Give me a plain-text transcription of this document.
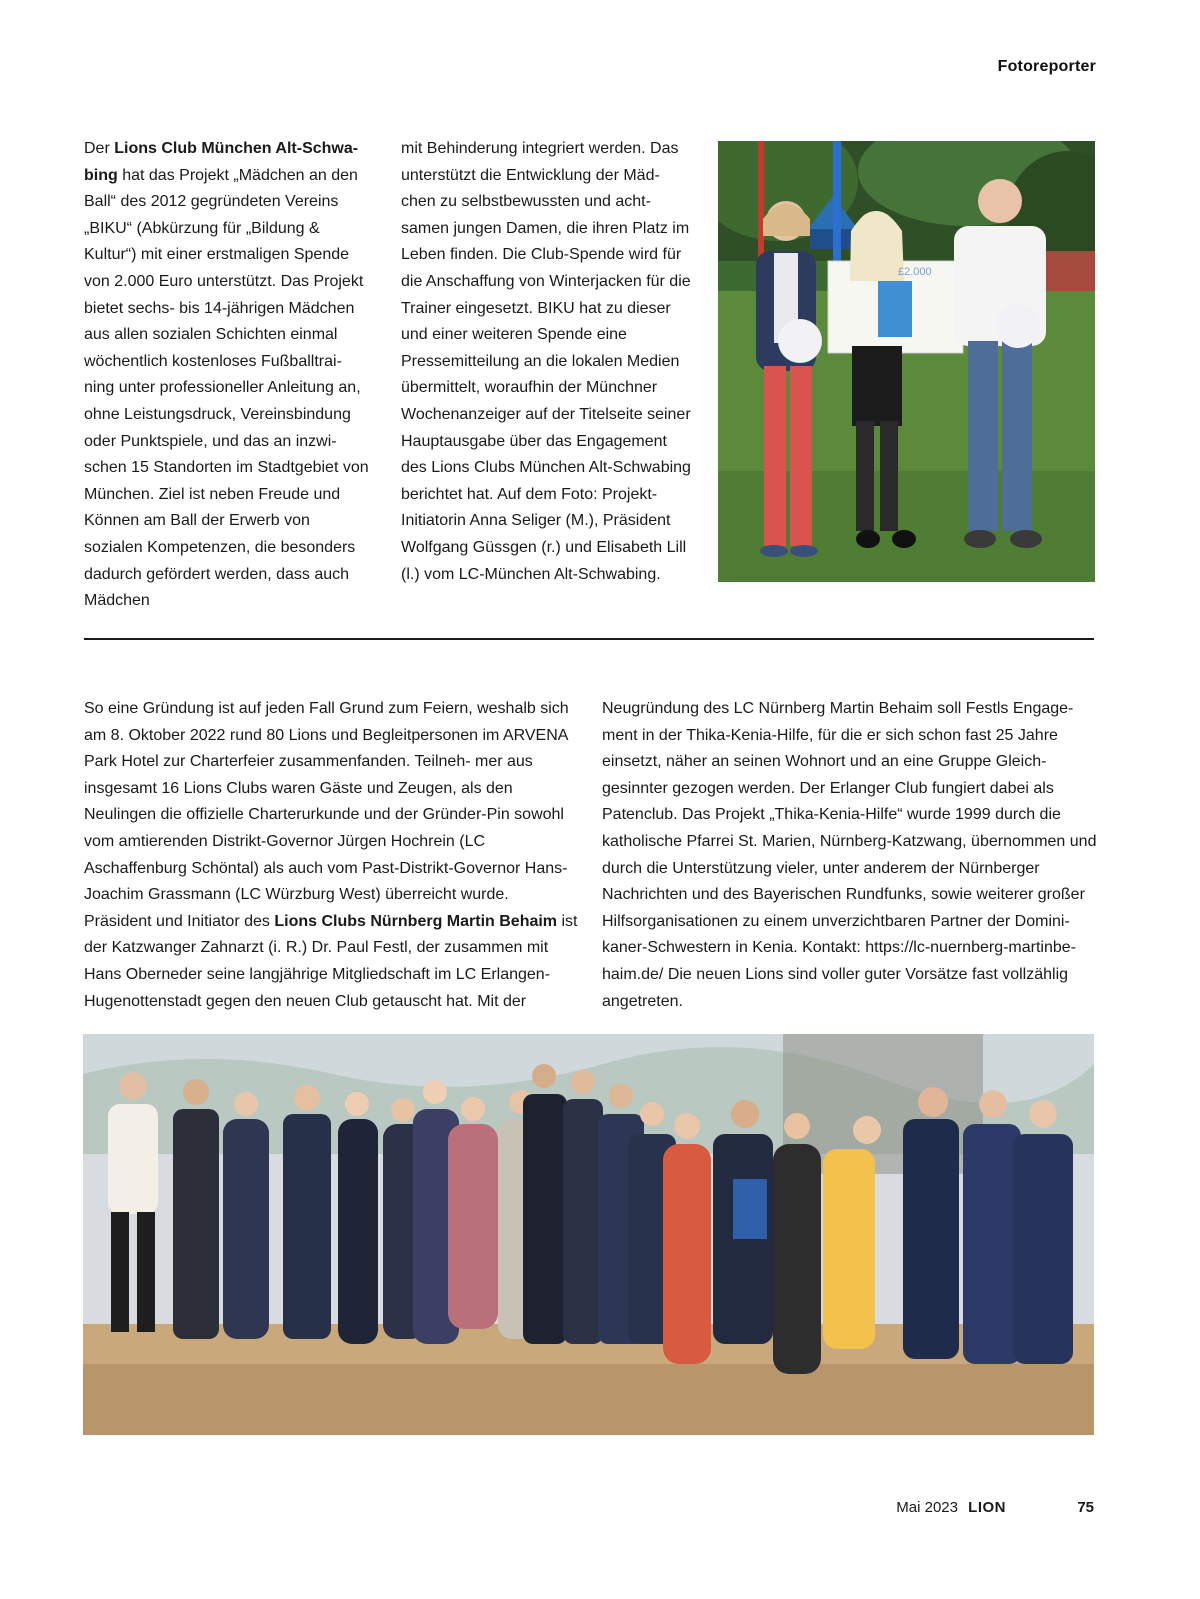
Fotoreporter

Der Lions Club München Alt-Schwa- bing hat das Projekt „Mädchen an den Ball“ des 2012 gegründeten Vereins „BIKU“ (Abkürzung für „Bildung & Kultur“) mit einer erstmaligen Spende von 2.000 Euro unterstützt. Das Projekt bietet sechs- bis 14-jährigen Mädchen aus allen sozialen Schichten einmal wöchentlich kostenloses Fußballtrai- ning unter professioneller Anleitung an, ohne Leistungsdruck, Vereinsbindung oder Punktspiele, und das an inzwi- schen 15 Standorten im Stadtgebiet von München. Ziel ist neben Freude und Können am Ball der Erwerb von sozialen Kompetenzen, die besonders dadurch gefördert werden, dass auch Mädchen

mit Behinderung integriert werden. Das unterstützt die Entwicklung der Mäd- chen zu selbstbewussten und acht- samen jungen Damen, die ihren Platz im Leben finden. Die Club-Spende wird für die Anschaffung von Winterjacken für die Trainer eingesetzt. BIKU hat zu dieser und einer weiteren Spende eine Pressemitteilung an die lokalen Medien übermittelt, woraufhin der Münchner Wochenanzeiger auf der Titelseite seiner Hauptausgabe über das Engagement des Lions Clubs München Alt-Schwabing berichtet hat. Auf dem Foto: Projekt- Initiatorin Anna Seliger (M.), Präsident Wolfgang Güssgen (r.) und Elisabeth Lill (l.) vom LC-München Alt-Schwabing.

£2.000

So eine Gründung ist auf jeden Fall Grund zum Feiern, weshalb sich am 8. Oktober 2022 rund 80 Lions und Begleitpersonen im ARVENA Park Hotel zur Charterfeier zusammenfanden. Teilneh- mer aus insgesamt 16 Lions Clubs waren Gäste und Zeugen, als den Neulingen die offizielle Charterurkunde und der Gründer-Pin sowohl vom amtierenden Distrikt-Governor Jürgen Hochrein (LC Aschaffenburg Schöntal) als auch vom Past-Distrikt-Governor Hans-Joachim Grassmann (LC Würzburg West) überreicht wurde. Präsident und Initiator des Lions Clubs Nürnberg Martin Behaim ist der Katzwanger Zahnarzt (i. R.) Dr. Paul Festl, der zusammen mit Hans Oberneder seine langjährige Mitgliedschaft im LC Erlangen- Hugenottenstadt gegen den neuen Club getauscht hat. Mit der

Neugründung des LC Nürnberg Martin Behaim soll Festls Engage- ment in der Thika-Kenia-Hilfe, für die er sich schon fast 25 Jahre einsetzt, näher an seinen Wohnort und an eine Gruppe Gleich- gesinnter gezogen werden. Der Erlanger Club fungiert dabei als Patenclub. Das Projekt „Thika-Kenia-Hilfe“ wurde 1999 durch die katholische Pfarrei St. Marien, Nürnberg-Katzwang, übernommen und durch die Unterstützung vieler, unter anderem der Nürnberger Nachrichten und des Bayerischen Rundfunks, sowie weiterer großer Hilfsorganisationen zu einem unverzichtbaren Partner der Domini- kaner-Schwestern in Kenia. Kontakt: https://lc-nuernberg-martinbe- haim.de/ Die neuen Lions sind voller guter Vorsätze fast vollzählig angetreten.

Mai 2023 LION	75
